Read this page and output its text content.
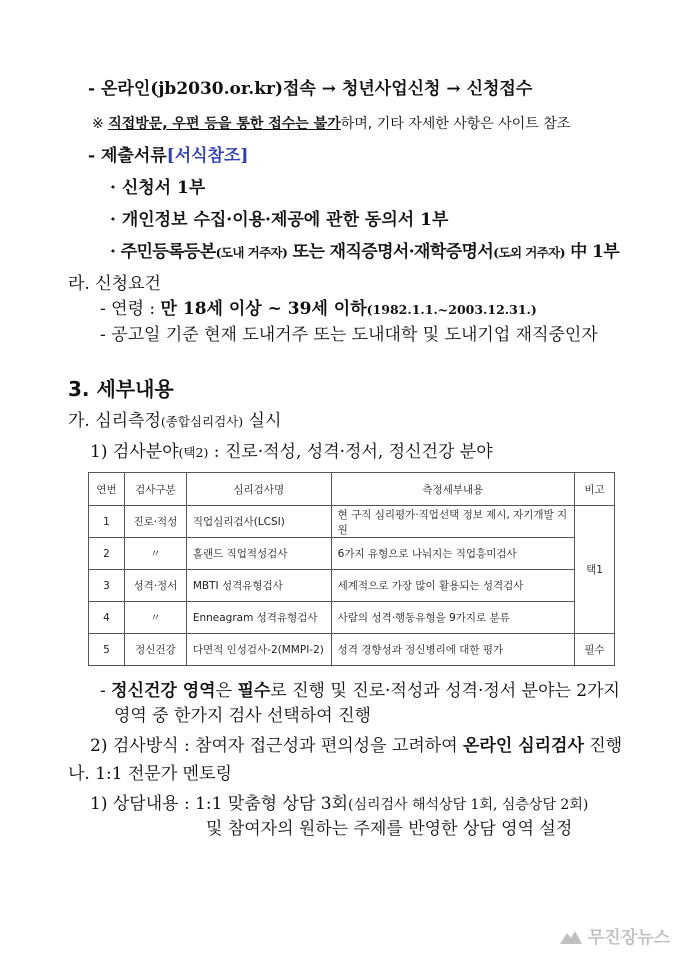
- 온라인(jb2030.or.kr)접속 → 청년사업신청 → 신청접수
※ 직접방문, 우편 등을 통한 접수는 불가하며, 기타 자세한 사항은 사이트 참조
- 제출서류[서식참조]
· 신청서 1부
· 개인정보 수집·이용·제공에 관한 동의서 1부
· 주민등록등본(도내 거주자) 또는 재직증명서·재학증명서(도외 거주자) 中 1부
라. 신청요건
- 연령 : 만 18세 이상 ~ 39세 이하(1982.1.1.~2003.12.31.)
- 공고일 기준 현재 도내거주 또는 도내대학 및 도내기업 재직중인자
3. 세부내용
가. 심리측정(종합심리검사) 실시
1) 검사분야(택2) : 진로·적성, 성격·정서, 정신건강 분야
연번	검사구분	심리검사명	측정세부내용	비고
1	진로·적성	직업심리검사(LCSI)	현 구직 심리평가·직업선택 정보 제시, 자기개발 지원	택1
2	〃	홀랜드 직업적성검사	6가지 유형으로 나눠지는 직업흥미검사	
3	성격·정서	MBTI 성격유형검사	세계적으로 가장 많이 활용되는 성격검사	
4	〃	Enneagram 성격유형검사	사람의 성격·행동유형을 9가지로 분류	
5	정신건강	다면적 인성검사-2(MMPI-2)	성격 경향성과 정신병리에 대한 평가	필수
- 정신건강 영역은 필수로 진행 및 진로·적성과 성격·정서 분야는 2가지
영역 중 한가지 검사 선택하여 진행
2) 검사방식 : 참여자 접근성과 편의성을 고려하여 온라인 심리검사 진행
나. 1:1 전문가 멘토링
1) 상담내용 : 1:1 맞춤형 상담 3회(심리검사 해석상담 1회, 심층상담 2회)
및 참여자의 원하는 주제를 반영한 상담 영역 설정
무진장뉴스
